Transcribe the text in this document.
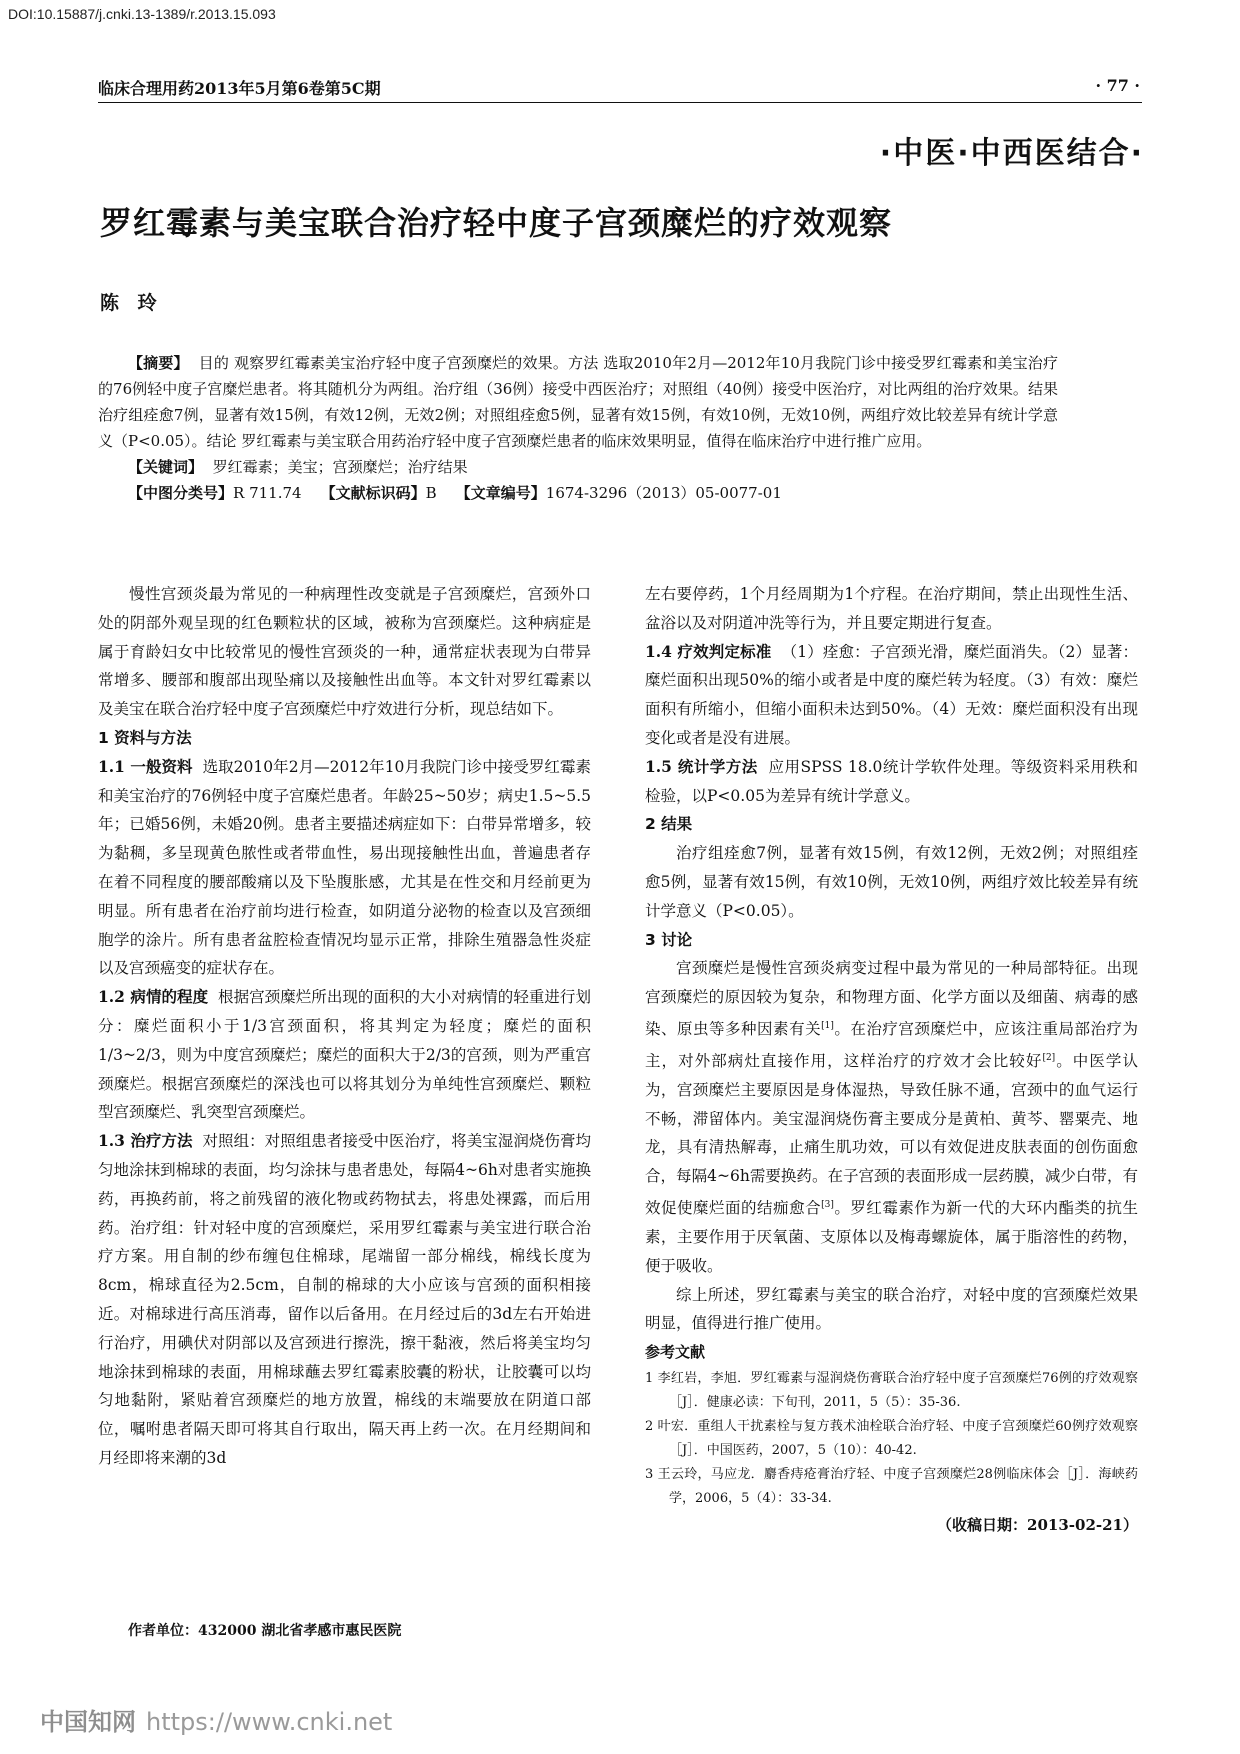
DOI:10.15887/j.cnki.13-1389/r.2013.15.093
临床合理用药2013年5月第6卷第5C期	· 77 ·
·中医·中西医结合·
罗红霉素与美宝联合治疗轻中度子宫颈糜烂的疗效观察
陈 玲

【摘要】 目的 观察罗红霉素美宝治疗轻中度子宫颈糜烂的效果。方法 选取2010年2月—2012年10月我院门诊中接受罗红霉素和美宝治疗的76例轻中度子宫糜烂患者。将其随机分为两组。治疗组（36例）接受中西医治疗；对照组（40例）接受中医治疗，对比两组的治疗效果。结果 治疗组痊愈7例，显著有效15例，有效12例，无效2例；对照组痊愈5例，显著有效15例，有效10例，无效10例，两组疗效比较差异有统计学意义（P<0.05）。结论 罗红霉素与美宝联合用药治疗轻中度子宫颈糜烂患者的临床效果明显，值得在临床治疗中进行推广应用。

【关键词】 罗红霉素；美宝；宫颈糜烂；治疗结果

【中图分类号】R 711.74 【文献标识码】B 【文章编号】1674-3296（2013）05-0077-01

慢性宫颈炎最为常见的一种病理性改变就是子宫颈糜烂，宫颈外口处的阴部外观呈现的红色颗粒状的区域，被称为宫颈糜烂。这种病症是属于育龄妇女中比较常见的慢性宫颈炎的一种，通常症状表现为白带异常增多、腰部和腹部出现坠痛以及接触性出血等。本文针对罗红霉素以及美宝在联合治疗轻中度子宫颈糜烂中疗效进行分析，现总结如下。

1 资料与方法

1.1 一般资料 选取2010年2月—2012年10月我院门诊中接受罗红霉素和美宝治疗的76例轻中度子宫糜烂患者。年龄25~50岁；病史1.5~5.5年；已婚56例，未婚20例。患者主要描述病症如下：白带异常增多，较为黏稠，多呈现黄色脓性或者带血性，易出现接触性出血，普遍患者存在着不同程度的腰部酸痛以及下坠腹胀感，尤其是在性交和月经前更为明显。所有患者在治疗前均进行检查，如阴道分泌物的检查以及宫颈细胞学的涂片。所有患者盆腔检查情况均显示正常，排除生殖器急性炎症以及宫颈癌变的症状存在。

1.2 病情的程度 根据宫颈糜烂所出现的面积的大小对病情的轻重进行划分：糜烂面积小于1/3宫颈面积，将其判定为轻度；糜烂的面积1/3~2/3，则为中度宫颈糜烂；糜烂的面积大于2/3的宫颈，则为严重宫颈糜烂。根据宫颈糜烂的深浅也可以将其划分为单纯性宫颈糜烂、颗粒型宫颈糜烂、乳突型宫颈糜烂。

1.3 治疗方法 对照组：对照组患者接受中医治疗，将美宝湿润烧伤膏均匀地涂抹到棉球的表面，均匀涂抹与患者患处，每隔4~6h对患者实施换药，再换药前，将之前残留的液化物或药物拭去，将患处裸露，而后用药。治疗组：针对轻中度的宫颈糜烂，采用罗红霉素与美宝进行联合治疗方案。用自制的纱布缠包住棉球，尾端留一部分棉线，棉线长度为8cm，棉球直径为2.5cm，自制的棉球的大小应该与宫颈的面积相接近。对棉球进行高压消毒，留作以后备用。在月经过后的3d左右开始进行治疗，用碘伏对阴部以及宫颈进行擦洗，擦干黏液，然后将美宝均匀地涂抹到棉球的表面，用棉球蘸去罗红霉素胶囊的粉状，让胶囊可以均匀地黏附，紧贴着宫颈糜烂的地方放置，棉线的末端要放在阴道口部位，嘱咐患者隔天即可将其自行取出，隔天再上药一次。在月经期间和月经即将来潮的3d

左右要停药，1个月经周期为1个疗程。在治疗期间，禁止出现性生活、盆浴以及对阴道冲洗等行为，并且要定期进行复查。

1.4 疗效判定标准 （1）痊愈：子宫颈光滑，糜烂面消失。（2）显著：糜烂面积出现50%的缩小或者是中度的糜烂转为轻度。（3）有效：糜烂面积有所缩小，但缩小面积未达到50%。（4）无效：糜烂面积没有出现变化或者是没有进展。

1.5 统计学方法 应用SPSS 18.0统计学软件处理。等级资料采用秩和检验，以P<0.05为差异有统计学意义。

2 结果

治疗组痊愈7例，显著有效15例，有效12例，无效2例；对照组痊愈5例，显著有效15例，有效10例，无效10例，两组疗效比较差异有统计学意义（P<0.05）。

3 讨论

宫颈糜烂是慢性宫颈炎病变过程中最为常见的一种局部特征。出现宫颈糜烂的原因较为复杂，和物理方面、化学方面以及细菌、病毒的感染、原虫等多种因素有关[1]。在治疗宫颈糜烂中，应该注重局部治疗为主，对外部病灶直接作用，这样治疗的疗效才会比较好[2]。中医学认为，宫颈糜烂主要原因是身体湿热，导致任脉不通，宫颈中的血气运行不畅，滞留体内。美宝湿润烧伤膏主要成分是黄柏、黄芩、罂粟壳、地龙，具有清热解毒，止痛生肌功效，可以有效促进皮肤表面的创伤面愈合，每隔4~6h需要换药。在子宫颈的表面形成一层药膜，减少白带，有效促使糜烂面的结痂愈合[3]。罗红霉素作为新一代的大环内酯类的抗生素，主要作用于厌氧菌、支原体以及梅毒螺旋体，属于脂溶性的药物，便于吸收。

综上所述，罗红霉素与美宝的联合治疗，对轻中度的宫颈糜烂效果明显，值得进行推广使用。

参考文献

1 李红岩，李旭．罗红霉素与湿润烧伤膏联合治疗轻中度子宫颈糜烂76例的疗效观察［J］．健康必读：下旬刊，2011，5（5）：35-36.

2 叶宏．重组人干扰素栓与复方莪术油栓联合治疗轻、中度子宫颈糜烂60例疗效观察［J］．中国医药，2007，5（10）：40-42.

3 王云玲，马应龙．麝香痔疮膏治疗轻、中度子宫颈糜烂28例临床体会［J］．海峡药学，2006，5（4）：33-34.

（收稿日期：2013-02-21）

作者单位：432000 湖北省孝感市惠民医院
中国知网 https://www.cnki.net
